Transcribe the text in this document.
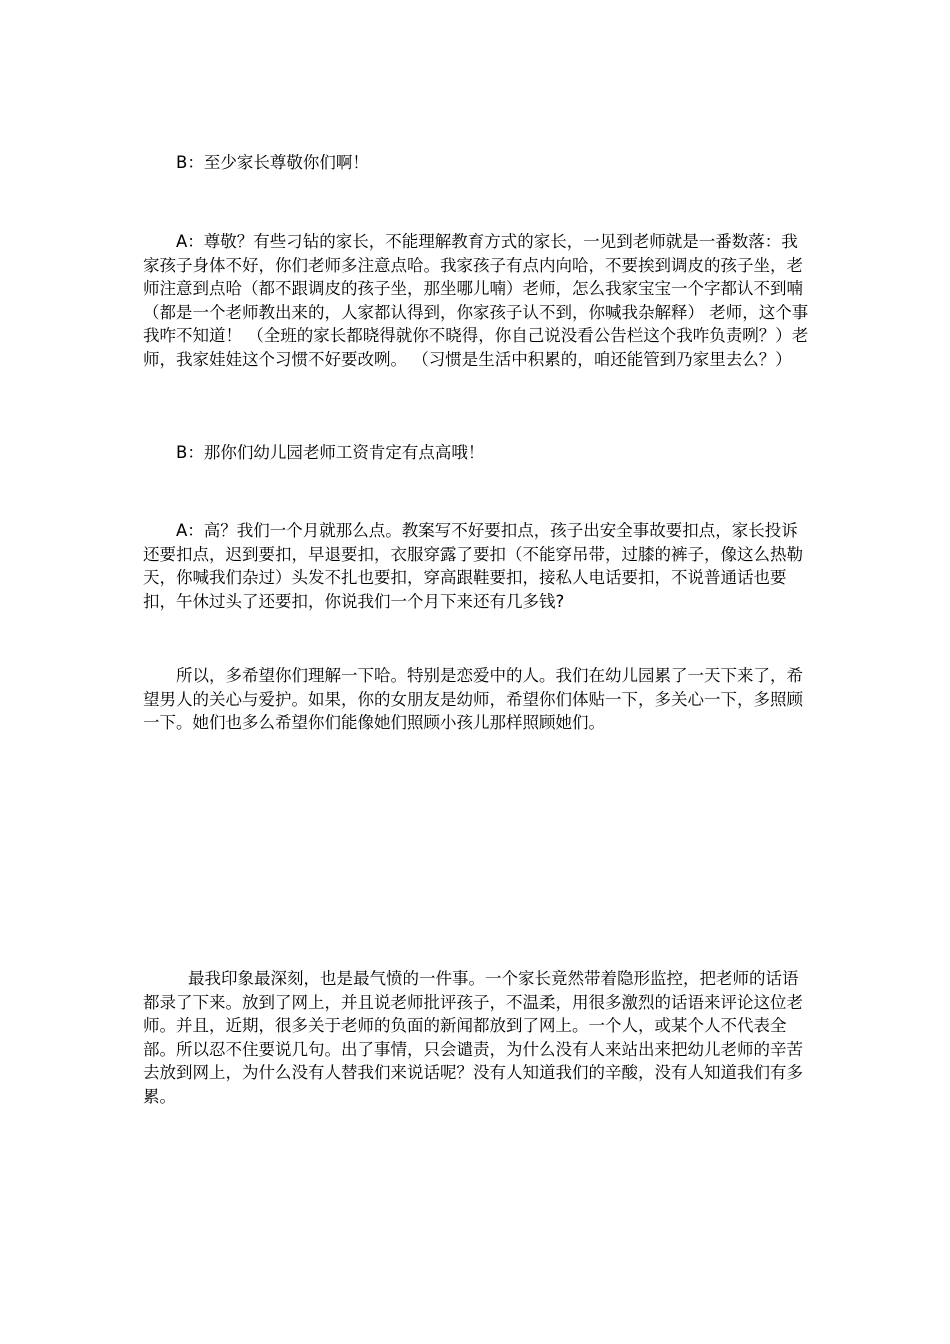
B：至少家长尊敬你们啊！

A：尊敬？有些刁钻的家长，不能理解教育方式的家长，一见到老师就是一番数落：我家孩子身体不好，你们老师多注意点哈。我家孩子有点内向哈，不要挨到调皮的孩子坐，老师注意到点哈（都不跟调皮的孩子坐，那坐哪儿喃）老师，怎么我家宝宝一个字都认不到喃（都是一个老师教出来的，人家都认得到，你家孩子认不到，你喊我杂解释） 老师，这个事我咋不知道！ （全班的家长都晓得就你不晓得，你自己说没看公告栏这个我咋负责咧？）老师，我家娃娃这个习惯不好要改咧。 （习惯是生活中积累的，咱还能管到乃家里去么？）

B：那你们幼儿园老师工资肯定有点高哦！

A：高？我们一个月就那么点。教案写不好要扣点，孩子出安全事故要扣点，家长投诉还要扣点，迟到要扣，早退要扣，衣服穿露了要扣（不能穿吊带，过膝的裤子，像这么热勒天，你喊我们杂过）头发不扎也要扣，穿高跟鞋要扣，接私人电话要扣，不说普通话也要扣，午休过头了还要扣，你说我们一个月下来还有几多钱?

所以，多希望你们理解一下哈。特别是恋爱中的人。我们在幼儿园累了一天下来了，希望男人的关心与爱护。如果，你的女朋友是幼师，希望你们体贴一下，多关心一下，多照顾一下。她们也多么希望你们能像她们照顾小孩儿那样照顾她们。

最我印象最深刻，也是最气愤的一件事。一个家长竟然带着隐形监控，把老师的话语都录了下来。放到了网上，并且说老师批评孩子，不温柔，用很多激烈的话语来评论这位老师。并且，近期，很多关于老师的负面的新闻都放到了网上。一个人，或某个人不代表全部。所以忍不住要说几句。出了事情，只会谴责，为什么没有人来站出来把幼儿老师的辛苦去放到网上，为什么没有人替我们来说话呢？没有人知道我们的辛酸，没有人知道我们有多累。
